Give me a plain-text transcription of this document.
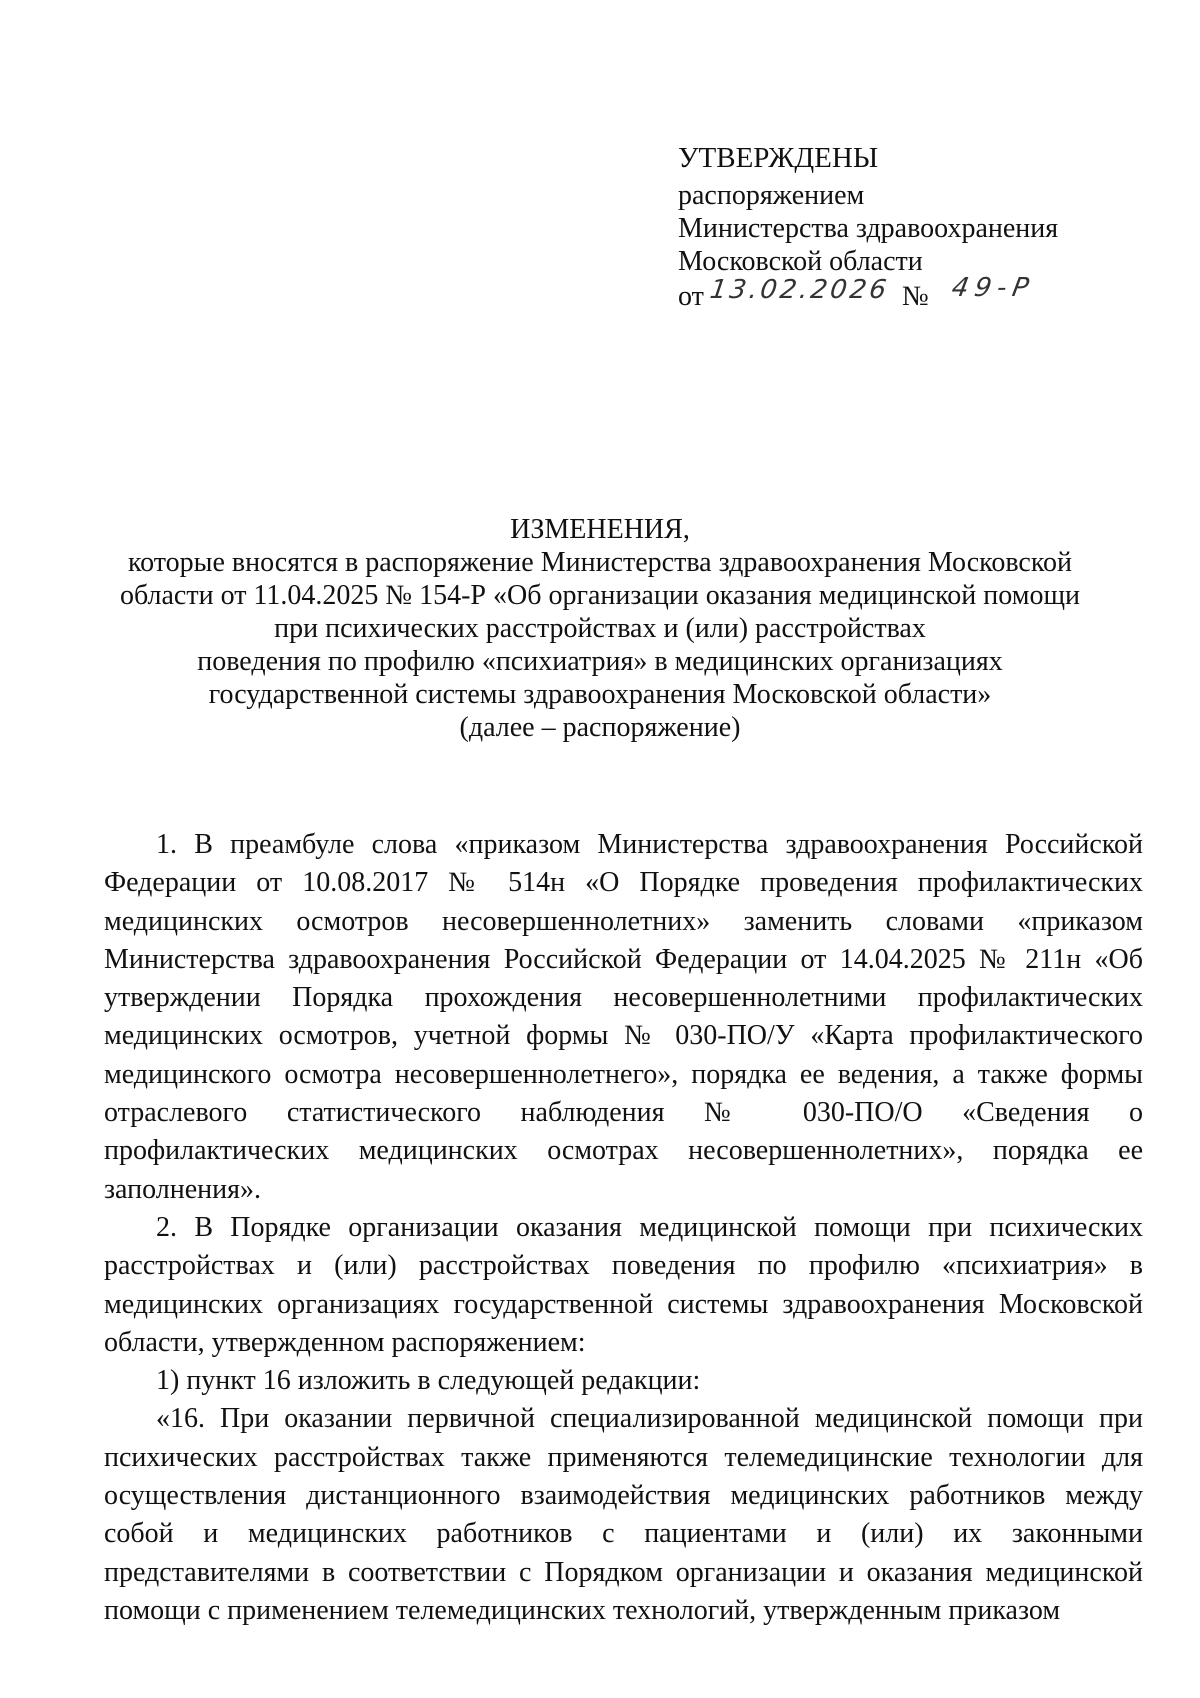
УТВЕРЖДЕНЫ
распоряжением
Министерства здравоохранения
Московской области
от 13.02.2026 № 49-Р
ИЗМЕНЕНИЯ,
которые вносятся в распоряжение Министерства здравоохранения Московской
области от 11.04.2025 № 154-Р «Об организации оказания медицинской помощи
при психических расстройствах и (или) расстройствах
поведения по профилю «психиатрия» в медицинских организациях
государственной системы здравоохранения Московской области»
(далее – распоряжение)

1. В преамбуле слова «приказом Министерства здравоохранения Российской Федерации от 10.08.2017 № 514н «О Порядке проведения профилактических медицинских осмотров несовершеннолетних» заменить словами «приказом Министерства здравоохранения Российской Федерации от 14.04.2025 № 211н «Об утверждении Порядка прохождения несовершеннолетними профилактических медицинских осмотров, учетной формы № 030-ПО/У «Карта профилактического медицинского осмотра несовершеннолетнего», порядка ее ведения, а также формы отраслевого статистического наблюдения № 030-ПО/О «Сведения о профилактических медицинских осмотрах несовершеннолетних», порядка ее заполнения».

2. В Порядке организации оказания медицинской помощи при психических расстройствах и (или) расстройствах поведения по профилю «психиатрия» в медицинских организациях государственной системы здравоохранения Московской области, утвержденном распоряжением:

1) пункт 16 изложить в следующей редакции:

«16. При оказании первичной специализированной медицинской помощи при психических расстройствах также применяются телемедицинские технологии для осуществления дистанционного взаимодействия медицинских работников между собой и медицинских работников с пациентами и (или) их законными представителями в соответствии с Порядком организации и оказания медицинской помощи с применением телемедицинских технологий, утвержденным приказом
